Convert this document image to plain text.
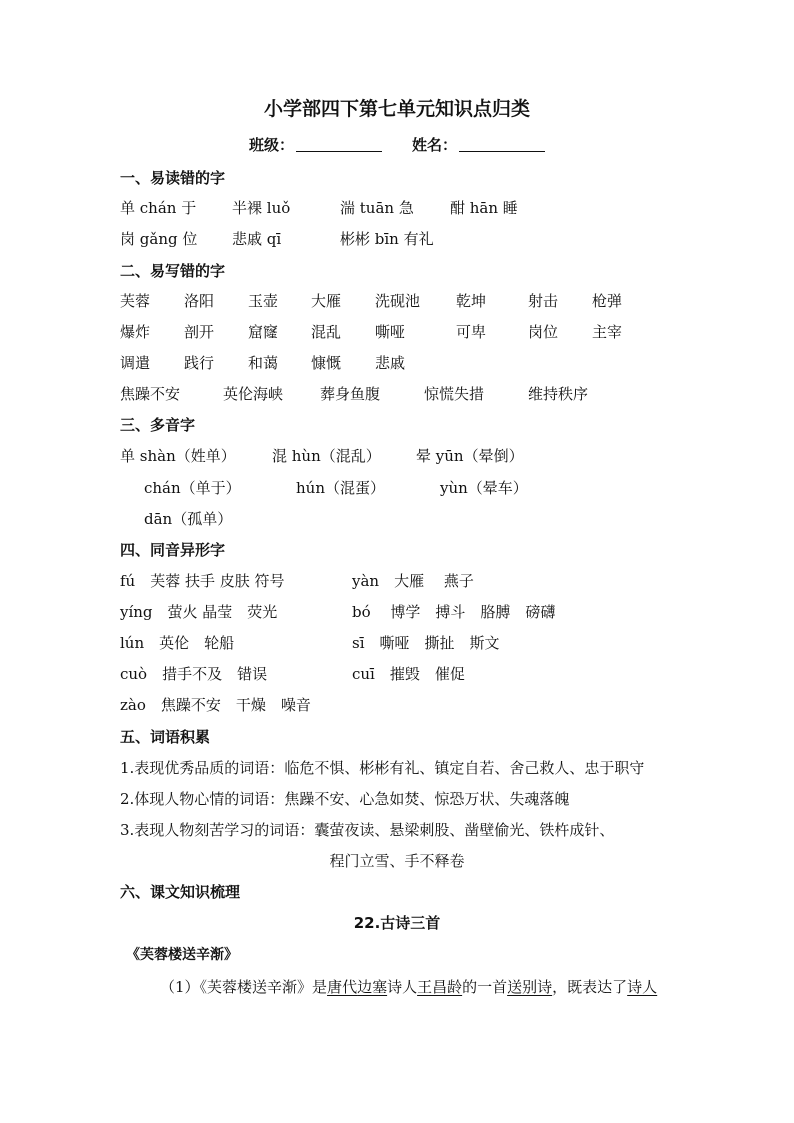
小学部四下第七单元知识点归类
班级：	姓名：
一、易读错的字
单 chán 于 半裸 luǒ	湍 tuān 急 酣 hān 睡
岗 gǎng 位 悲戚 qī	彬彬 bīn 有礼
二、易写错的字
芙蓉 洛阳 玉壶 大雁 洗砚池 乾坤	射击 枪弹
爆炸 剖开 窟窿 混乱 嘶哑	可卑	岗位 主宰
调遣 践行 和蔼 慷慨 悲戚
焦躁不安	英伦海峡 葬身鱼腹	惊慌失措	维持秩序
三、多音字
单 shàn（姓单） 混 hùn（混乱） 晕 yūn（晕倒）
chán（单于）	hún（混蛋）	yùn（晕车）
dān（孤单）
四、同音异形字
fú　芙蓉 扶手 皮肤 符号	yàn　大雁　 燕子
yíng　萤火 晶莹　荧光	bó　 博学　搏斗　胳膊　磅礴
lún　英伦　轮船	sī　嘶哑　撕扯　斯文
cuò　措手不及　错误	cuī　摧毁　催促
zào　焦躁不安　干燥　噪音
五、词语积累
1.表现优秀品质的词语：临危不惧、彬彬有礼、镇定自若、舍己救人、忠于职守
2.体现人物心情的词语：焦躁不安、心急如焚、惊恐万状、失魂落魄
3.表现人物刻苦学习的词语：囊萤夜读、悬梁刺股、凿壁偷光、铁杵成针、
程门立雪、手不释卷
六、课文知识梳理
22.古诗三首
《芙蓉楼送辛渐》
（1）《芙蓉楼送辛渐》是唐代边塞诗人王昌龄的一首送别诗，既表达了诗人
